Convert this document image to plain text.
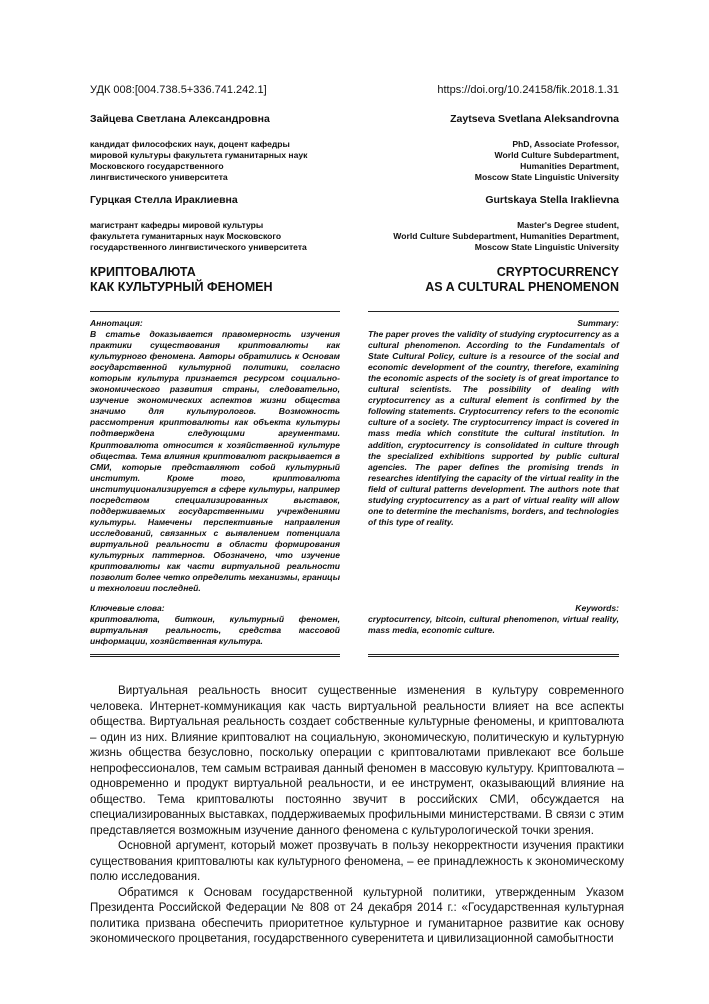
УДК 008:[004.738.5+336.741.242.1]	https://doi.org/10.24158/fik.2018.1.31
Зайцева Светлана Александровна	Zaytseva Svetlana Aleksandrovna
кандидат философских наук, доцент кафедры
мировой культуры факультета гуманитарных наук
Московского государственного
лингвистического университета
PhD, Associate Professor,
World Culture Subdepartment,
Humanities Department,
Moscow State Linguistic University
Гурцкая Стелла Ираклиевна	Gurtskaya Stella Iraklievna
магистрант кафедры мировой культуры
факультета гуманитарных наук Московского
государственного лингвистического университета
Master's Degree student,
World Culture Subdepartment, Humanities Department,
Moscow State Linguistic University
КРИПТОВАЛЮТА
КАК КУЛЬТУРНЫЙ ФЕНОМЕН
CRYPTOCURRENCY
AS A CULTURAL PHENOMENON
Аннотация:
В статье доказывается правомерность изучения практики существования криптовалюты как культурного феномена. Авторы обратились к Основам государственной культурной политики, согласно которым культура признается ресурсом социально-экономического развития страны, следовательно, изучение экономических аспектов жизни общества значимо для культурологов. Возможность рассмотрения криптовалюты как объекта культуры подтверждена следующими аргументами. Криптовалюта относится к хозяйственной культуре общества. Тема влияния криптовалют раскрывается в СМИ, которые представляют собой культурный институт. Кроме того, криптовалюта институционализируется в сфере культуры, например посредством специализированных выставок, поддерживаемых государственными учреждениями культуры. Намечены перспективные направления исследований, связанных с выявлением потенциала виртуальной реальности в области формирования культурных паттернов. Обозначено, что изучение криптовалюты как части виртуальной реальности позволит более четко определить механизмы, границы и технологии последней.
Summary:
The paper proves the validity of studying cryptocurrency as a cultural phenomenon. According to the Fundamentals of State Cultural Policy, culture is a resource of the social and economic development of the country, therefore, examining the economic aspects of the society is of great importance to cultural scientists. The possibility of dealing with cryptocurrency as a cultural element is confirmed by the following statements. Cryptocurrency refers to the economic culture of a society. The cryptocurrency impact is covered in mass media which constitute the cultural institution. In addition, cryptocurrency is consolidated in culture through the specialized exhibitions supported by public cultural agencies. The paper defines the promising trends in researches identifying the capacity of the virtual reality in the field of cultural patterns development. The authors note that studying cryptocurrency as a part of virtual reality will allow one to determine the mechanisms, borders, and technologies of this type of reality.
Ключевые слова:
криптовалюта, биткоин, культурный феномен, виртуальная реальность, средства массовой информации, хозяйственная культура.
Keywords:
cryptocurrency, bitcoin, cultural phenomenon, virtual reality, mass media, economic culture.

Виртуальная реальность вносит существенные изменения в культуру современного человека. Интернет-коммуникация как часть виртуальной реальности влияет на все аспекты общества. Виртуальная реальность создает собственные культурные феномены, и криптовалюта – один из них. Влияние криптовалют на социальную, экономическую, политическую и культурную жизнь общества безусловно, поскольку операции с криптовалютами привлекают все больше непрофессионалов, тем самым встраивая данный феномен в массовую культуру. Криптовалюта – одновременно и продукт виртуальной реальности, и ее инструмент, оказывающий влияние на общество. Тема криптовалюты постоянно звучит в российских СМИ, обсуждается на специализированных выставках, поддерживаемых профильными министерствами. В связи с этим представляется возможным изучение данного феномена с культурологической точки зрения.

Основной аргумент, который может прозвучать в пользу некорректности изучения практики существования криптовалюты как культурного феномена, – ее принадлежность к экономическому полю исследования.

Обратимся к Основам государственной культурной политики, утвержденным Указом Президента Российской Федерации № 808 от 24 декабря 2014 г.: «Государственная культурная политика призвана обеспечить приоритетное культурное и гуманитарное развитие как основу экономического процветания, государственного суверенитета и цивилизационной самобытности
